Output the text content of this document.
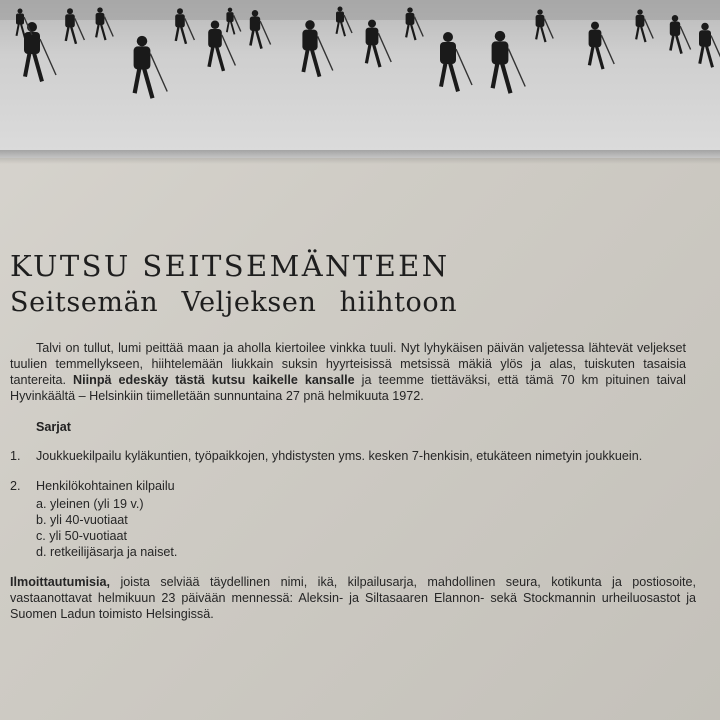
KUTSU SEITSEMÄNTEEN
Seitsemän Veljeksen hiihtoon

Talvi on tullut, lumi peittää maan ja aholla kiertoilee vinkka tuuli. Nyt lyhykäisen päivän valjetessa lähtevät veljekset tuulien temmellykseen, hiihtelemään liukkain suksin hyyrteisissä metsissä mäkiä ylös ja alas, tuiskuten tasaisia tantereita. Niinpä edeskäy tästä kutsu kaikelle kansalle ja teemme tiettäväksi, että tämä 70 km pituinen taival Hyvinkäältä – Helsinkiin tiimelletään sunnuntaina 27 pnä helmikuuta 1972.

Sarjat
1. Joukkuekilpailu kyläkuntien, työpaikkojen, yhdistysten yms. kesken 7-henkisin, etukäteen nimetyin joukkuein.
2. Henkilökohtainen kilpailu
a. yleinen (yli 19 v.)
b. yli 40-vuotiaat
c. yli 50-vuotiaat
d. retkeilijäsarja ja naiset.

Ilmoittautumisia, joista selviää täydellinen nimi, ikä, kilpailusarja, mahdollinen seura, kotikunta ja postiosoite, vastaanottavat helmikuun 23 päivään mennessä: Aleksin- ja Siltasaaren Elannon- sekä Stockmannin urheiluosastot ja Suomen Ladun toimisto Helsingissä.
